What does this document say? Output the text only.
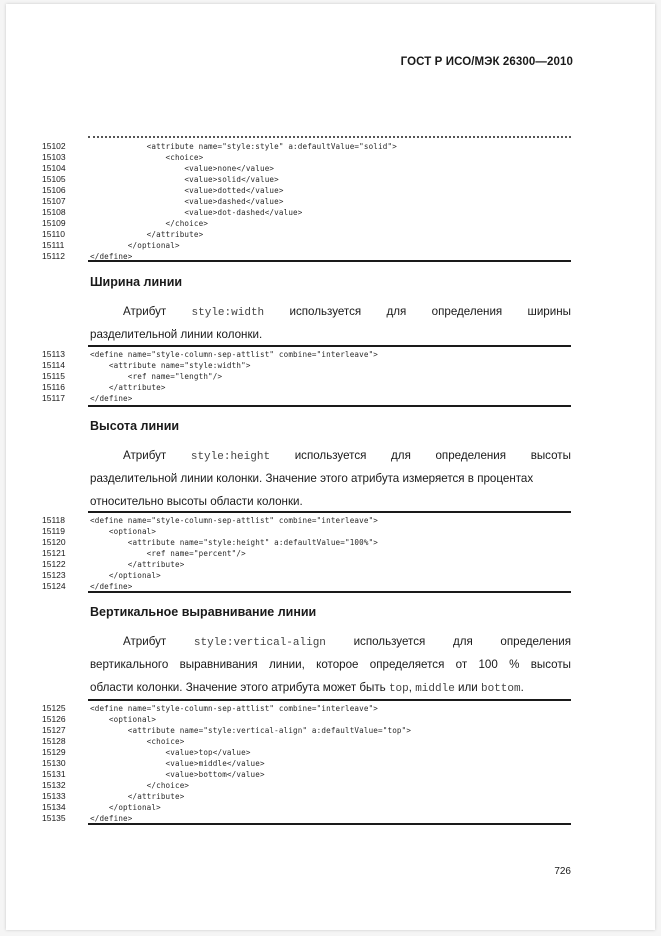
ГОСТ Р ИСО/МЭК 26300—2010
15102	<attribute name="style:style" a:defaultValue="solid">
15103	<choice>
15104	<value>none</value>
15105	<value>solid</value>
15106	<value>dotted</value>
15107	<value>dashed</value>
15108	<value>dot-dashed</value>
15109	</choice>
15110	</attribute>
15111	</optional>
15112	</define>
Ширина линии
Атрибут style:width используется для определения ширины
разделительной линии колонки.
15113	<define name="style-column-sep-attlist" combine="interleave">
15114	<attribute name="style:width">
15115	<ref name="length"/>
15116	</attribute>
15117	</define>
Высота линии
Атрибут style:height используется для определения высоты
разделительной линии колонки. Значение этого атрибута измеряется в процентах
относительно высоты области колонки.
15118	<define name="style-column-sep-attlist" combine="interleave">
15119	<optional>
15120	<attribute name="style:height" a:defaultValue="100%">
15121	<ref name="percent"/>
15122	</attribute>
15123	</optional>
15124	</define>
Вертикальное выравнивание линии
Атрибут	style:vertical-align используется для определения
вертикального выравнивания линии, которое определяется от 100 % высоты
области колонки. Значение этого атрибута может быть top, middle или bottom.
15125	<define name="style-column-sep-attlist" combine="interleave">
15126	<optional>
15127	<attribute name="style:vertical-align" a:defaultValue="top">
15128	<choice>
15129	<value>top</value>
15130	<value>middle</value>
15131	<value>bottom</value>
15132	</choice>
15133	</attribute>
15134	</optional>
15135	</define>
726
